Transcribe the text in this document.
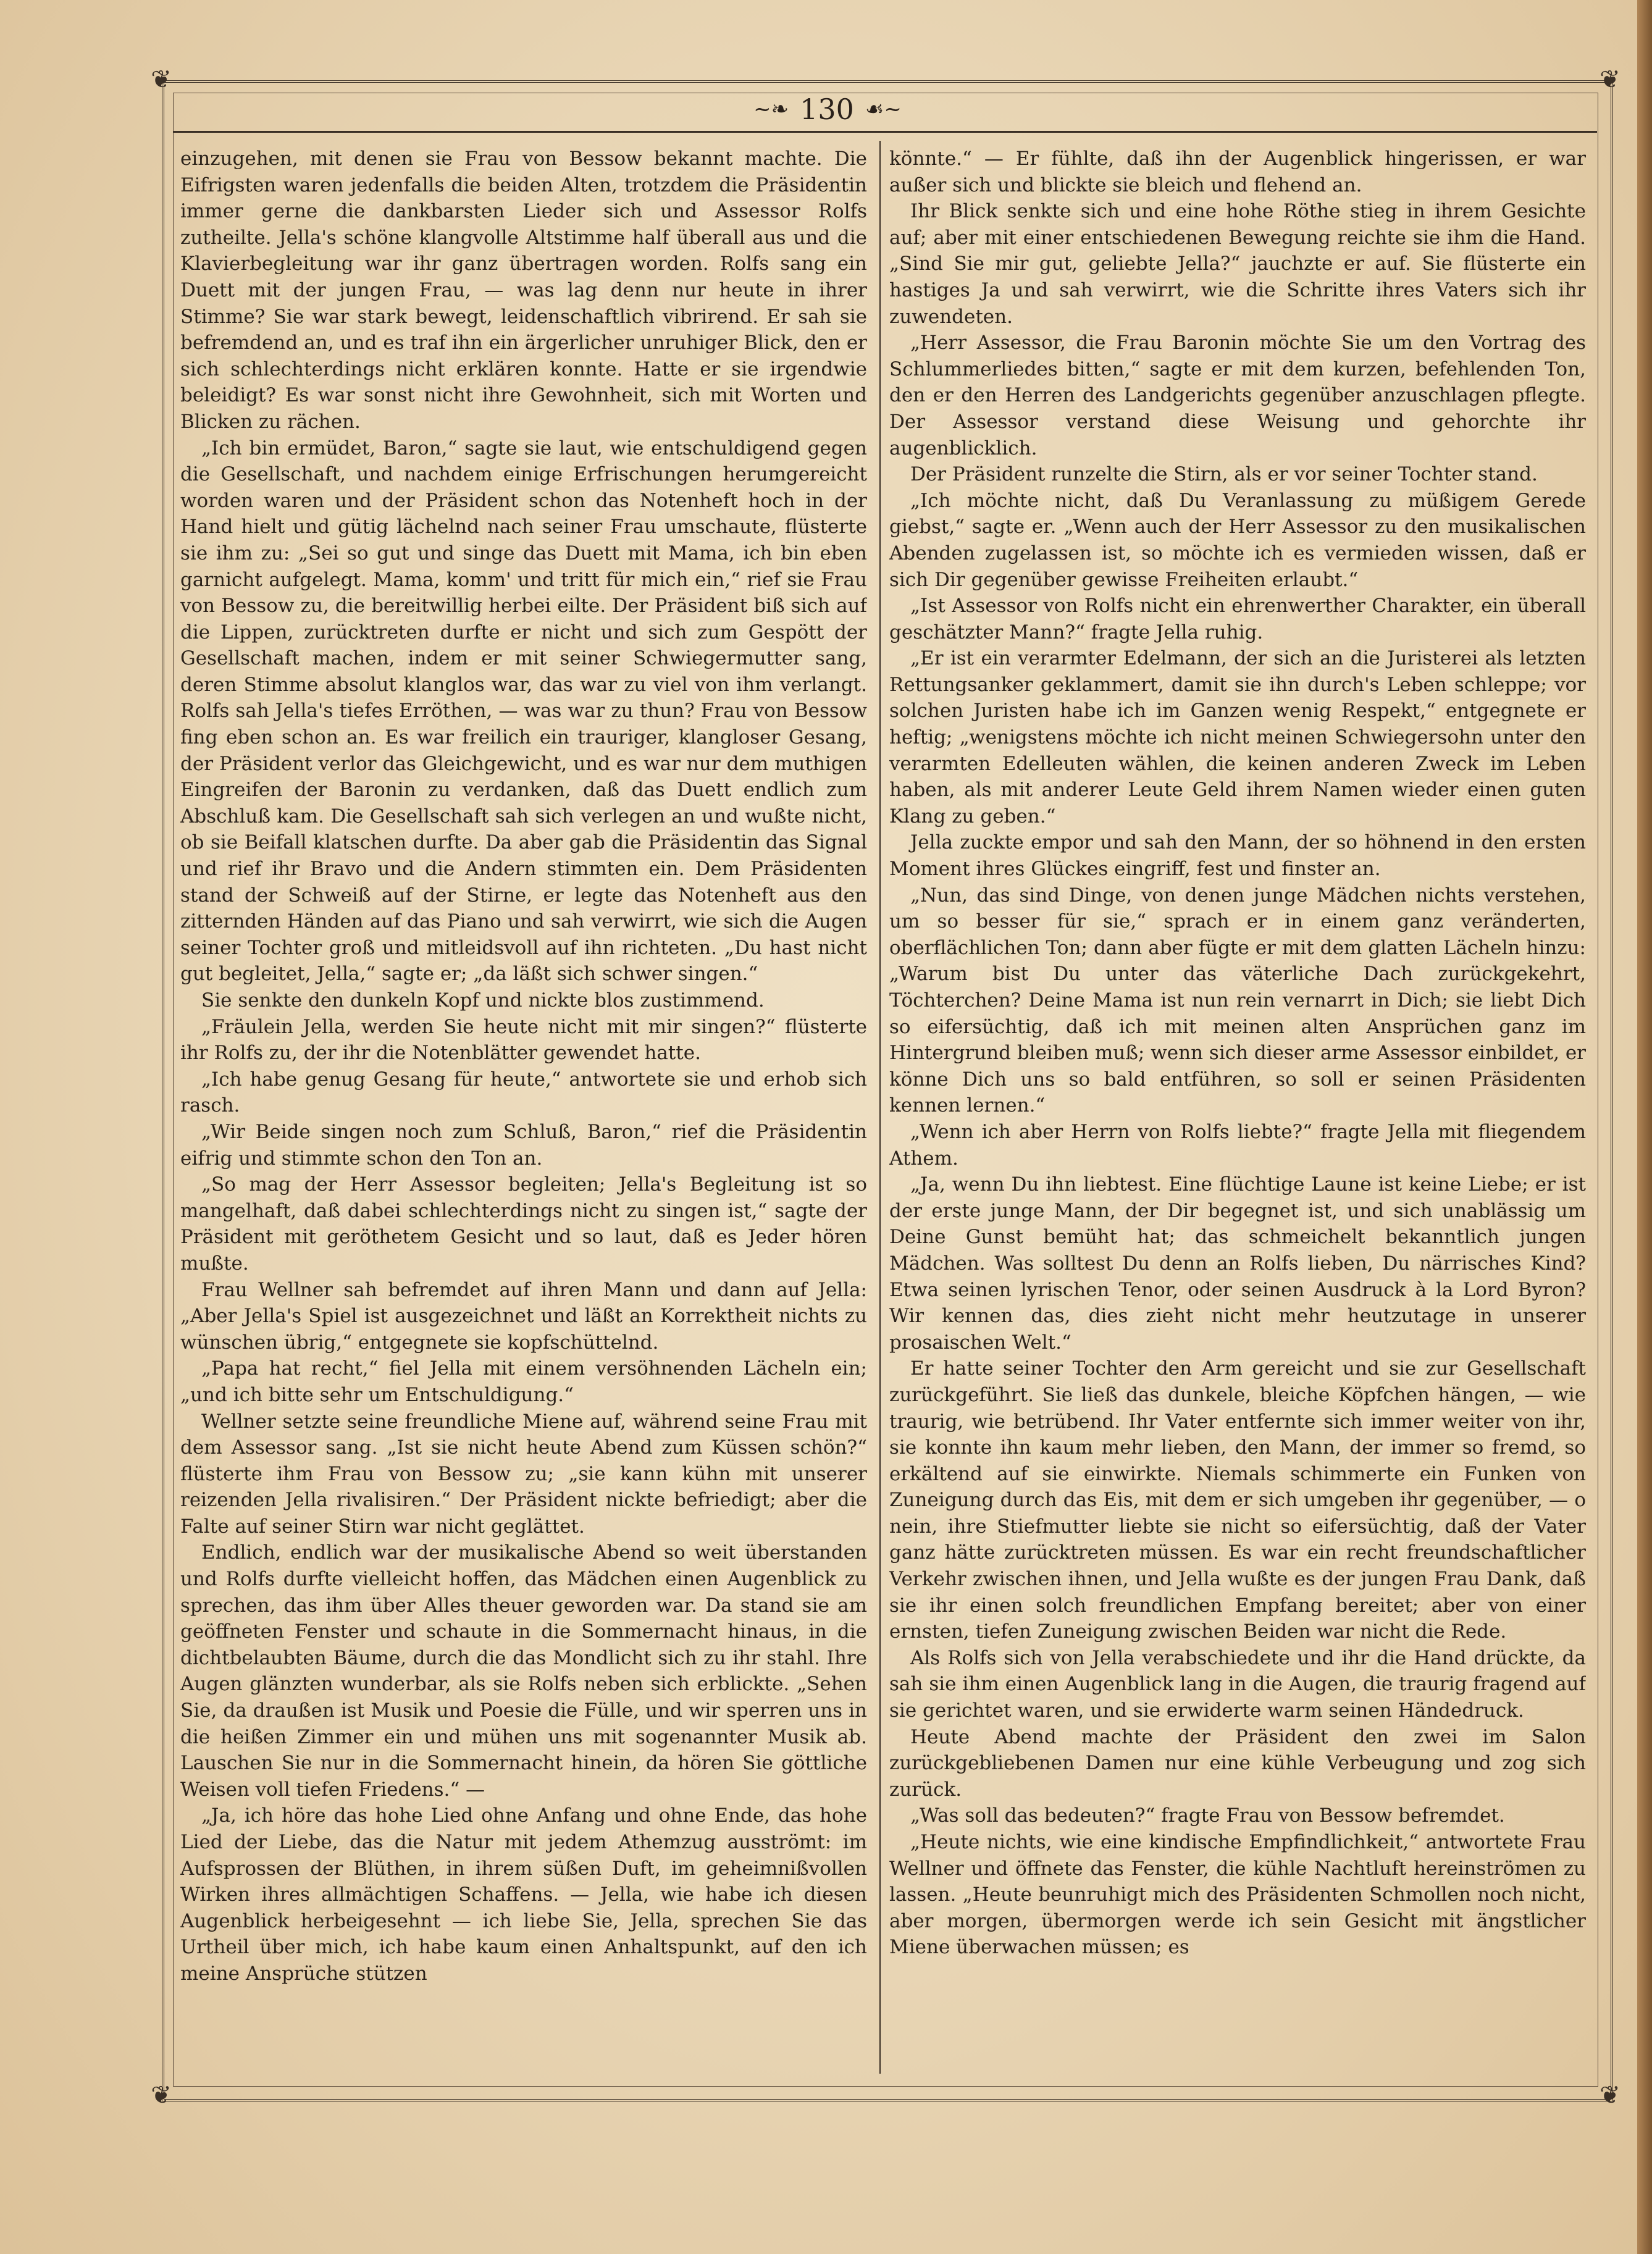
❦	❦
❦	❦
~❧ 130 ☙~

einzugehen, mit denen sie Frau von Bessow bekannt machte. Die Eifrigsten waren jedenfalls die beiden Alten, trotzdem die Präsidentin immer gerne die dankbarsten Lieder sich und Assessor Rolfs zutheilte. Jella's schöne klangvolle Altstimme half überall aus und die Klavierbegleitung war ihr ganz übertragen worden. Rolfs sang ein Duett mit der jungen Frau, — was lag denn nur heute in ihrer Stimme? Sie war stark bewegt, leidenschaftlich vibrirend. Er sah sie befremdend an, und es traf ihn ein ärgerlicher unruhiger Blick, den er sich schlechterdings nicht erklären konnte. Hatte er sie irgendwie beleidigt? Es war sonst nicht ihre Gewohnheit, sich mit Worten und Blicken zu rächen.

„Ich bin ermüdet, Baron,“ sagte sie laut, wie entschuldigend gegen die Gesellschaft, und nachdem einige Erfrischungen herumgereicht worden waren und der Präsident schon das Notenheft hoch in der Hand hielt und gütig lächelnd nach seiner Frau umschaute, flüsterte sie ihm zu: „Sei so gut und singe das Duett mit Mama, ich bin eben garnicht aufgelegt. Mama, komm' und tritt für mich ein,“ rief sie Frau von Bessow zu, die bereitwillig herbei eilte. Der Präsident biß sich auf die Lippen, zurücktreten durfte er nicht und sich zum Gespött der Gesellschaft machen, indem er mit seiner Schwiegermutter sang, deren Stimme absolut klanglos war, das war zu viel von ihm verlangt. Rolfs sah Jella's tiefes Erröthen, — was war zu thun? Frau von Bessow fing eben schon an. Es war freilich ein trauriger, klangloser Gesang, der Präsident verlor das Gleichgewicht, und es war nur dem muthigen Eingreifen der Baronin zu verdanken, daß das Duett endlich zum Abschluß kam. Die Gesellschaft sah sich verlegen an und wußte nicht, ob sie Beifall klatschen durfte. Da aber gab die Präsidentin das Signal und rief ihr Bravo und die Andern stimmten ein. Dem Präsidenten stand der Schweiß auf der Stirne, er legte das Notenheft aus den zitternden Händen auf das Piano und sah verwirrt, wie sich die Augen seiner Tochter groß und mitleidsvoll auf ihn richteten. „Du hast nicht gut begleitet, Jella,“ sagte er; „da läßt sich schwer singen.“

Sie senkte den dunkeln Kopf und nickte blos zustimmend.

„Fräulein Jella, werden Sie heute nicht mit mir singen?“ flüsterte ihr Rolfs zu, der ihr die Notenblätter gewendet hatte.

„Ich habe genug Gesang für heute,“ antwortete sie und erhob sich rasch.

„Wir Beide singen noch zum Schluß, Baron,“ rief die Präsidentin eifrig und stimmte schon den Ton an.

„So mag der Herr Assessor begleiten; Jella's Begleitung ist so mangelhaft, daß dabei schlechterdings nicht zu singen ist,“ sagte der Präsident mit geröthetem Gesicht und so laut, daß es Jeder hören mußte.

Frau Wellner sah befremdet auf ihren Mann und dann auf Jella: „Aber Jella's Spiel ist ausgezeichnet und läßt an Korrektheit nichts zu wünschen übrig,“ entgegnete sie kopfschüttelnd.

„Papa hat recht,“ fiel Jella mit einem versöhnenden Lächeln ein; „und ich bitte sehr um Entschuldigung.“

Wellner setzte seine freundliche Miene auf, während seine Frau mit dem Assessor sang. „Ist sie nicht heute Abend zum Küssen schön?“ flüsterte ihm Frau von Bessow zu; „sie kann kühn mit unserer reizenden Jella rivalisiren.“ Der Präsident nickte befriedigt; aber die Falte auf seiner Stirn war nicht geglättet.

Endlich, endlich war der musikalische Abend so weit überstanden und Rolfs durfte vielleicht hoffen, das Mädchen einen Augenblick zu sprechen, das ihm über Alles theuer geworden war. Da stand sie am geöffneten Fenster und schaute in die Sommernacht hinaus, in die dichtbelaubten Bäume, durch die das Mondlicht sich zu ihr stahl. Ihre Augen glänzten wunderbar, als sie Rolfs neben sich erblickte. „Sehen Sie, da draußen ist Musik und Poesie die Fülle, und wir sperren uns in die heißen Zimmer ein und mühen uns mit sogenannter Musik ab. Lauschen Sie nur in die Sommernacht hinein, da hören Sie göttliche Weisen voll tiefen Friedens.“ —

„Ja, ich höre das hohe Lied ohne Anfang und ohne Ende, das hohe Lied der Liebe, das die Natur mit jedem Athemzug ausströmt: im Aufsprossen der Blüthen, in ihrem süßen Duft, im geheimnißvollen Wirken ihres allmächtigen Schaffens. — Jella, wie habe ich diesen Augenblick herbeigesehnt — ich liebe Sie, Jella, sprechen Sie das Urtheil über mich, ich habe kaum einen Anhaltspunkt, auf den ich meine Ansprüche stützen

könnte.“ — Er fühlte, daß ihn der Augenblick hingerissen, er war außer sich und blickte sie bleich und flehend an.

Ihr Blick senkte sich und eine hohe Röthe stieg in ihrem Gesichte auf; aber mit einer entschiedenen Bewegung reichte sie ihm die Hand. „Sind Sie mir gut, geliebte Jella?“ jauchzte er auf. Sie flüsterte ein hastiges Ja und sah verwirrt, wie die Schritte ihres Vaters sich ihr zuwendeten.

„Herr Assessor, die Frau Baronin möchte Sie um den Vortrag des Schlummerliedes bitten,“ sagte er mit dem kurzen, befehlenden Ton, den er den Herren des Landgerichts gegenüber anzuschlagen pflegte. Der Assessor verstand diese Weisung und gehorchte ihr augenblicklich.

Der Präsident runzelte die Stirn, als er vor seiner Tochter stand.

„Ich möchte nicht, daß Du Veranlassung zu müßigem Gerede giebst,“ sagte er. „Wenn auch der Herr Assessor zu den musikalischen Abenden zugelassen ist, so möchte ich es vermieden wissen, daß er sich Dir gegenüber gewisse Freiheiten erlaubt.“

„Ist Assessor von Rolfs nicht ein ehrenwerther Charakter, ein überall geschätzter Mann?“ fragte Jella ruhig.

„Er ist ein verarmter Edelmann, der sich an die Juristerei als letzten Rettungsanker geklammert, damit sie ihn durch's Leben schleppe; vor solchen Juristen habe ich im Ganzen wenig Respekt,“ entgegnete er heftig; „wenigstens möchte ich nicht meinen Schwiegersohn unter den verarmten Edelleuten wählen, die keinen anderen Zweck im Leben haben, als mit anderer Leute Geld ihrem Namen wieder einen guten Klang zu geben.“

Jella zuckte empor und sah den Mann, der so höhnend in den ersten Moment ihres Glückes eingriff, fest und finster an.

„Nun, das sind Dinge, von denen junge Mädchen nichts verstehen, um so besser für sie,“ sprach er in einem ganz veränderten, oberflächlichen Ton; dann aber fügte er mit dem glatten Lächeln hinzu: „Warum bist Du unter das väterliche Dach zurückgekehrt, Töchterchen? Deine Mama ist nun rein vernarrt in Dich; sie liebt Dich so eifersüchtig, daß ich mit meinen alten Ansprüchen ganz im Hintergrund bleiben muß; wenn sich dieser arme Assessor einbildet, er könne Dich uns so bald entführen, so soll er seinen Präsidenten kennen lernen.“

„Wenn ich aber Herrn von Rolfs liebte?“ fragte Jella mit fliegendem Athem.

„Ja, wenn Du ihn liebtest. Eine flüchtige Laune ist keine Liebe; er ist der erste junge Mann, der Dir begegnet ist, und sich unablässig um Deine Gunst bemüht hat; das schmeichelt bekanntlich jungen Mädchen. Was solltest Du denn an Rolfs lieben, Du närrisches Kind? Etwa seinen lyrischen Tenor, oder seinen Ausdruck à la Lord Byron? Wir kennen das, dies zieht nicht mehr heutzutage in unserer prosaischen Welt.“

Er hatte seiner Tochter den Arm gereicht und sie zur Gesellschaft zurückgeführt. Sie ließ das dunkele, bleiche Köpfchen hängen, — wie traurig, wie betrübend. Ihr Vater entfernte sich immer weiter von ihr, sie konnte ihn kaum mehr lieben, den Mann, der immer so fremd, so erkältend auf sie einwirkte. Niemals schimmerte ein Funken von Zuneigung durch das Eis, mit dem er sich umgeben ihr gegenüber, — o nein, ihre Stiefmutter liebte sie nicht so eifersüchtig, daß der Vater ganz hätte zurücktreten müssen. Es war ein recht freundschaftlicher Verkehr zwischen ihnen, und Jella wußte es der jungen Frau Dank, daß sie ihr einen solch freundlichen Empfang bereitet; aber von einer ernsten, tiefen Zuneigung zwischen Beiden war nicht die Rede.

Als Rolfs sich von Jella verabschiedete und ihr die Hand drückte, da sah sie ihm einen Augenblick lang in die Augen, die traurig fragend auf sie gerichtet waren, und sie erwiderte warm seinen Händedruck.

Heute Abend machte der Präsident den zwei im Salon zurückgebliebenen Damen nur eine kühle Verbeugung und zog sich zurück.

„Was soll das bedeuten?“ fragte Frau von Bessow befremdet.

„Heute nichts, wie eine kindische Empfindlichkeit,“ antwortete Frau Wellner und öffnete das Fenster, die kühle Nachtluft hereinströmen zu lassen. „Heute beunruhigt mich des Präsidenten Schmollen noch nicht, aber morgen, übermorgen werde ich sein Gesicht mit ängstlicher Miene überwachen müssen; es
